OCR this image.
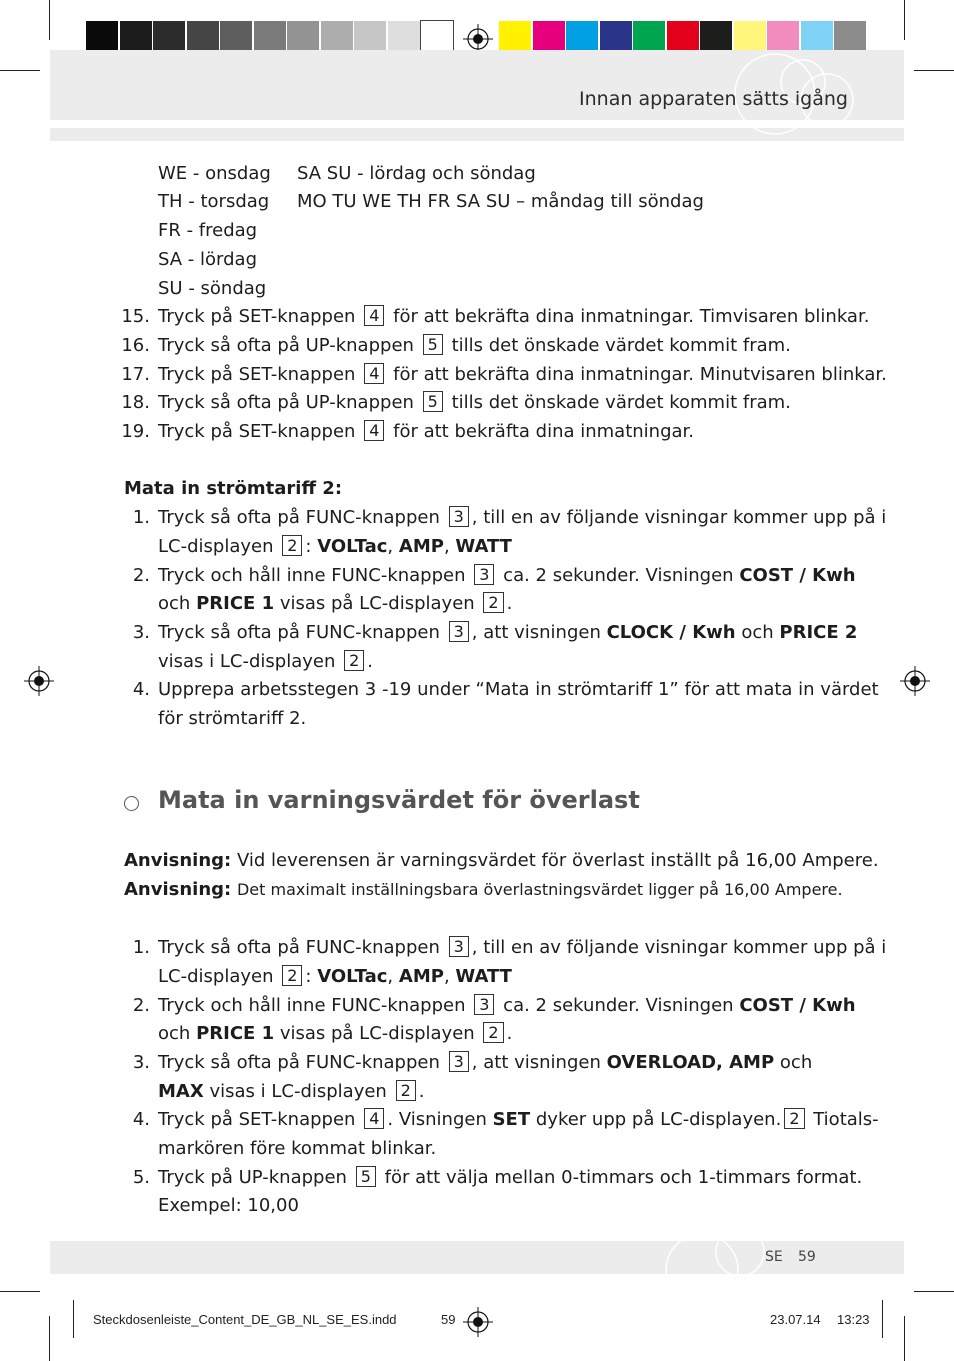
Innan apparaten sätts igång
WE - onsdag
TH - torsdag
FR - fredag
SA - lördag
SU - söndag
SA SU - lördag och söndag
MO TU WE TH FR SA SU – måndag till söndag
15. Tryck på SET-knappen 4 för att bekräfta dina inmatningar. Timvisaren blinkar.
16. Tryck så ofta på UP-knappen 5 tills det önskade värdet kommit fram.
17. Tryck på SET-knappen 4 för att bekräfta dina inmatningar. Minutvisaren blinkar.
18. Tryck så ofta på UP-knappen 5 tills det önskade värdet kommit fram.
19. Tryck på SET-knappen 4 för att bekräfta dina inmatningar.
Mata in strömtariff 2:
1. Tryck så ofta på FUNC-knappen 3 , till en av följande visningar kommer upp på i
LC-displayen 2 : VOLTac, AMP, WATT
2. Tryck och håll inne FUNC-knappen 3 ca. 2 sekunder. Visningen COST / Kwh
och PRICE 1 visas på LC-displayen 2 .
3. Tryck så ofta på FUNC-knappen 3 , att visningen CLOCK / Kwh och PRICE 2
visas i LC-displayen 2 .
4. Upprepa arbetsstegen 3 -19 under “Mata in strömtariff 1” för att mata in värdet
för strömtariff 2.
Mata in varningsvärdet för överlast
Anvisning: Vid leverensen är varningsvärdet för överlast inställt på 16,00 Ampere.
Anvisning: Det maximalt inställningsbara överlastningsvärdet ligger på 16,00 Ampere.
1. Tryck så ofta på FUNC-knappen 3 , till en av följande visningar kommer upp på i
LC-displayen 2 : VOLTac, AMP, WATT
2. Tryck och håll inne FUNC-knappen 3 ca. 2 sekunder. Visningen COST / Kwh
och PRICE 1 visas på LC-displayen 2 .
3. Tryck så ofta på FUNC-knappen 3 , att visningen OVERLOAD, AMP och
MAX visas i LC-displayen 2 .
4. Tryck på SET-knappen 4 . Visningen SET dyker upp på LC-displayen. 2 Tiotals-
markören före kommat blinkar.
5. Tryck på UP-knappen 5 för att välja mellan 0-timmars och 1-timmars format.
Exempel: 10,00
SE 59
Steckdosenleiste_Content_DE_GB_NL_SE_ES.indd	59	23.07.14 13:23
